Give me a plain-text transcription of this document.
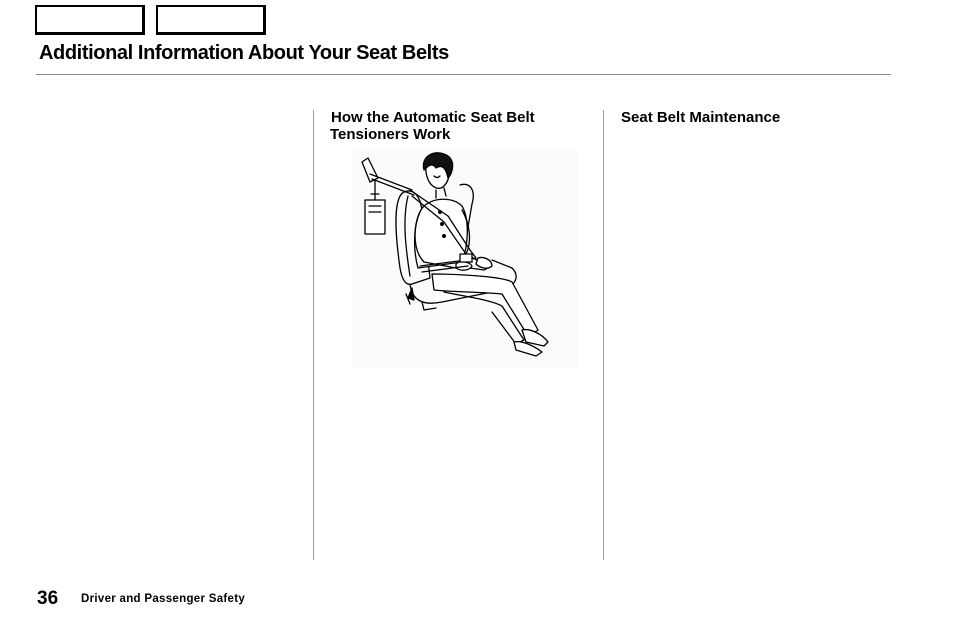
Additional Information About Your Seat Belts
How the Automatic Seat Belt Tensioners Work
Seat Belt Maintenance
36 Driver and Passenger Safety
